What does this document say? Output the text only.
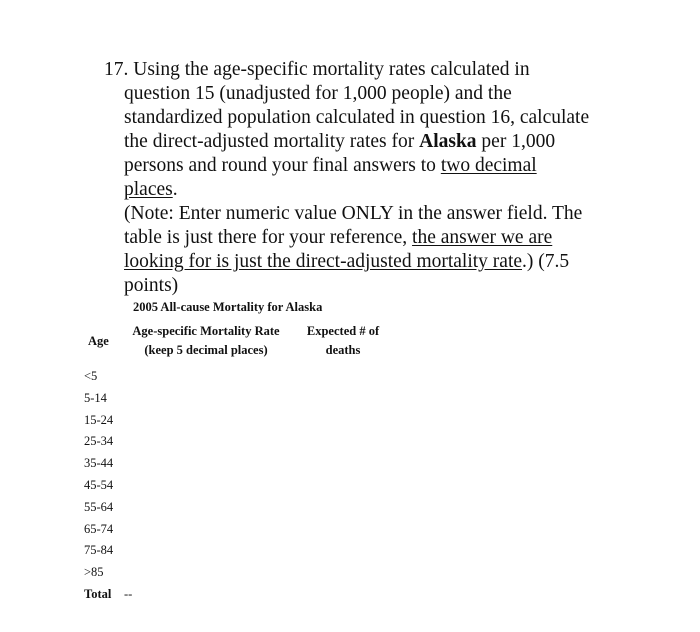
17. Using the age-specific mortality rates calculated in
question 15 (unadjusted for 1,000 people) and the
standardized population calculated in question 16, calculate
the direct-adjusted mortality rates for Alaska per 1,000
persons and round your final answers to two decimal
places.
(Note: Enter numeric value ONLY in the answer field. The
table is just there for your reference, the answer we are
looking for is just the direct-adjusted mortality rate.) (7.5
points)
2005 All-cause Mortality for Alaska
Age
Age-specific Mortality Rate
(keep 5 decimal places)
Expected # of
deaths
<5
5-14
15-24
25-34
35-44
45-54
55-64
65-74
75-84
>85
Total --
